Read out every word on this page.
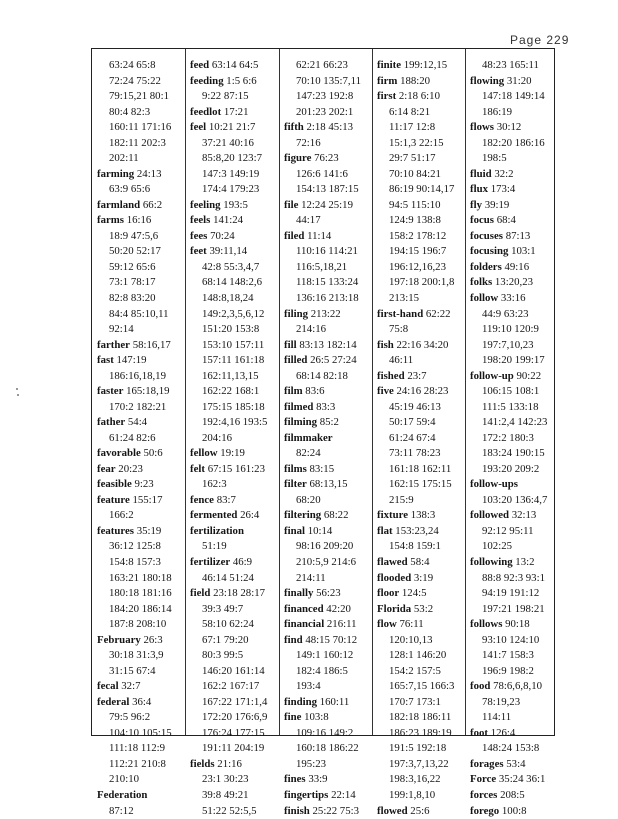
Page 229
63:24 65:8
72:24 75:22
79:15,21 80:1
80:4 82:3
160:11 171:16
182:11 202:3
202:11
farming 24:13
63:9 65:6
farmland 66:2
farms 16:16
18:9 47:5,6
50:20 52:17
59:12 65:6
73:1 78:17
82:8 83:20
84:4 85:10,11
92:14
farther 58:16,17
fast 147:19
186:16,18,19
faster 165:18,19
170:2 182:21
father 54:4
61:24 82:6
favorable 50:6
fear 20:23
feasible 9:23
feature 155:17
166:2
features 35:19
36:12 125:8
154:8 157:3
163:21 180:18
180:18 181:16
184:20 186:14
187:8 208:10
February 26:3
30:18 31:3,9
31:15 67:4
fecal 32:7
federal 36:4
79:5 96:2
104:10 105:15
111:18 112:9
112:21 210:8
210:10
Federation
87:12
feed 63:14 64:5
feeding 1:5 6:6
9:22 87:15
feedlot 17:21
feel 10:21 21:7
37:21 40:16
85:8,20 123:7
147:3 149:19
174:4 179:23
feeling 193:5
feels 141:24
fees 70:24
feet 39:11,14
42:8 55:3,4,7
68:14 148:2,6
148:8,18,24
149:2,3,5,6,12
151:20 153:8
153:10 157:11
157:11 161:18
162:11,13,15
162:22 168:1
175:15 185:18
192:4,16 193:5
204:16
fellow 19:19
felt 67:15 161:23
162:3
fence 83:7
fermented 26:4
fertilization
51:19
fertilizer 46:9
46:14 51:24
field 23:18 28:17
39:3 49:7
58:10 62:24
67:1 79:20
80:3 99:5
146:20 161:14
162:2 167:17
167:22 171:1,4
172:20 176:6,9
176:24 177:15
191:11 204:19
fields 21:16
23:1 30:23
39:8 49:21
51:22 52:5,5
62:21 66:23
70:10 135:7,11
147:23 192:8
201:23 202:1
fifth 2:18 45:13
72:16
figure 76:23
126:6 141:6
154:13 187:15
file 12:24 25:19
44:17
filed 11:14
110:16 114:21
116:5,18,21
118:15 133:24
136:16 213:18
filing 213:22
214:16
fill 83:13 182:14
filled 26:5 27:24
68:14 82:18
film 83:6
filmed 83:3
filming 85:2
filmmaker
82:24
films 83:15
filter 68:13,15
68:20
filtering 68:22
final 10:14
98:16 209:20
210:5,9 214:6
214:11
finally 56:23
financed 42:20
financial 216:11
find 48:15 70:12
149:1 160:12
182:4 186:5
193:4
finding 160:11
fine 103:8
109:16 149:2
160:18 186:22
195:23
fines 33:9
fingertips 22:14
finish 25:22 75:3
finite 199:12,15
firm 188:20
first 2:18 6:10
6:14 8:21
11:17 12:8
15:1,3 22:15
29:7 51:17
70:10 84:21
86:19 90:14,17
94:5 115:10
124:9 138:8
158:2 178:12
194:15 196:7
196:12,16,23
197:18 200:1,8
213:15
first-hand 62:22
75:8
fish 22:16 34:20
46:11
fished 23:7
five 24:16 28:23
45:19 46:13
50:17 59:4
61:24 67:4
73:11 78:23
161:18 162:11
162:15 175:15
215:9
fixture 138:3
flat 153:23,24
154:8 159:1
flawed 58:4
flooded 3:19
floor 124:5
Florida 53:2
flow 76:11
120:10,13
128:1 146:20
154:2 157:5
165:7,15 166:3
170:7 173:1
182:18 186:11
186:23 189:19
191:5 192:18
197:3,7,13,22
198:3,16,22
199:1,8,10
flowed 25:6
48:23 165:11
flowing 31:20
147:18 149:14
186:19
flows 30:12
182:20 186:16
198:5
fluid 32:2
flux 173:4
fly 39:19
focus 68:4
focuses 87:13
focusing 103:1
folders 49:16
folks 13:20,23
follow 33:16
44:9 63:23
119:10 120:9
197:7,10,23
198:20 199:17
follow-up 90:22
106:15 108:1
111:5 133:18
141:2,4 142:23
172:2 180:3
183:24 190:15
193:20 209:2
follow-ups
103:20 136:4,7
followed 32:13
92:12 95:11
102:25
following 13:2
88:8 92:3 93:1
94:19 191:12
197:21 198:21
follows 90:18
93:10 124:10
141:7 158:3
196:9 198:2
food 78:6,6,8,10
78:19,23
114:11
foot 126:4
148:24 153:8
forages 53:4
Force 35:24 36:1
forces 208:5
forego 100:8
